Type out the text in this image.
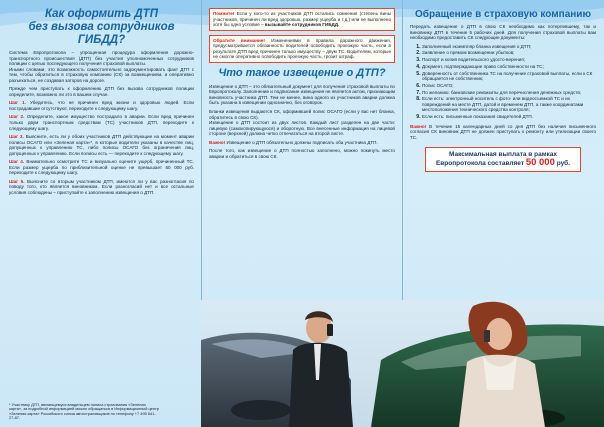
Как оформить ДТП
без вызова сотрудников ГИБДД?

Система Европротокола – упрощенная процедура оформления дорожно-транспортного происшествия (ДТП) без участия уполномоченных сотрудников полиции с целью последующего получения страховой выплаты.

Иными словами, это возможность самостоятельно задокументировать факт ДТП с тем, чтобы обратиться в страховую компанию (СК) за возмещением, и оперативно разъехаться, не создавая заторов на дороге.

Прежде чем приступать к оформлению ДТП без вызова сотрудников полиции определите, возможно ли это в вашем случае.

Шаг 1. Убедитесь, что не причинен вред жизни и здоровью людей. Если пострадавшие отсутствуют, переходите к следующему шагу.

Шаг 2. Определите, какое имущество пострадало в аварии. Если вред причинен только двум транспортным средствам (ТС) участников ДТП, переходите к следующему шагу.

Шаг 3. Выясните, есть ли у обоих участников ДТП действующие на момент аварии полисы ОСАГО или «Зеленая карта»*, в которые водители указаны в качестве лиц, допущенных к управлению ТС, либо полисы ОСАГО без ограничения лиц, допущенных к управлению. Если полисы есть — переходите к следующему шагу.

Шаг 4. Внимательно осмотрите ТС и визуально оцените ущерб, причиненный ТС. Если размер ущерба по приблизительной оценке не превышает 50 000 руб. переходите к следующему шагу.

Шаг 5. Выясните со вторым участником ДТП, имеются ли у вас разногласия по поводу того, кто является виновником. Если разногласий нет и все остальные условия соблюдены – приступайте к заполнению извещения о ДТП.

* Участнику ДТП, являющемуся владельцем полиса страхования «Зеленая карта», за подробной информацией можно обращаться в Информационный центр «Зеленая карта» Российского союза автостраховщиков по телефону +7 495 641-27-87.

Помните! Если у кого-то из участников ДТП остались сомнения (степень вины участников, причинен ли вред здоровью, размер ущерба и т.д.) или не выполнено хотя бы одно условие – вызывайте сотрудников ГИБДД.

Обратите внимание! Изменениями в правила дорожного движения, предусматривается обязанность водителей освободить проезжую часть, если в результате ДТП вред причинен только имуществу – двум ТС. Водителям, которые не смогли оперативно освободить проезжую часть, грозит штраф.

Что такое извещение о ДТП?

Извещение о ДТП – это обязательный документ для получения страховой выплаты по Европротоколу. Заполнение и подписание извещения не является актом, признающим виновность участника ДТП. Тем не менее, вина одного из участников аварии должна быть указана в извещении однозначно, без оговорок.

Бланки извещения выдаются СК, оформившей полис ОСАГО (если у вас нет бланка, обратитесь в свою СК).

Извещение о ДТП состоит из двух листов. Каждый лист разделен на две части: лицевую (самокопирующуюся) и оборотную. Все внесенные информация на лицевой стороне (верхней) должна четко отпечататься на второй листе.

Важно! Извещение о ДТП обязательно должны подписать оба участника ДТП.

После того, как извещение о ДТП полностью заполнено, можно покинуть место аварии и обратиться в свою СК.

Обращение в страховую компанию

Передать извещение о ДТП в свою СК необходимо как потерпевшему, так и виновнику ДТП в течение 5 рабочих дней. Для получения страховой выплаты вам необходимо предоставить СК следующие документы:

1. Заполненный экземпляр бланка извещения о ДТП;
2. Заявление о прямом возмещении убытков;
3. Паспорт и копия водительского удосто-верения;
4. Документ, подтверждающие право собственности на ТС;
5. Доверенность от собственника ТС на получение страховой выплаты, если к СК обращается не собственник;
6. Полис ОСАГО;
7. По желанию: банковские реквизиты для перечисления денежных средств;
8. Если есть: электронный носитель с фото- или видеосъемкой ТС и их повреждений на месте ДТП, датой и временем ДТП, а также координатами местоположения технического средства контроля;
9. Если есть: письменные показания свидетелей ДТП.

Важно! В течение 15 календарных дней со дня ДТП без наличия письменного согласия СК виновник ДТП не должен приступать к ремонту или утилизации своего ТС.

Максимальная выплата в рамках
Европротокола составляет 50 000 руб.
